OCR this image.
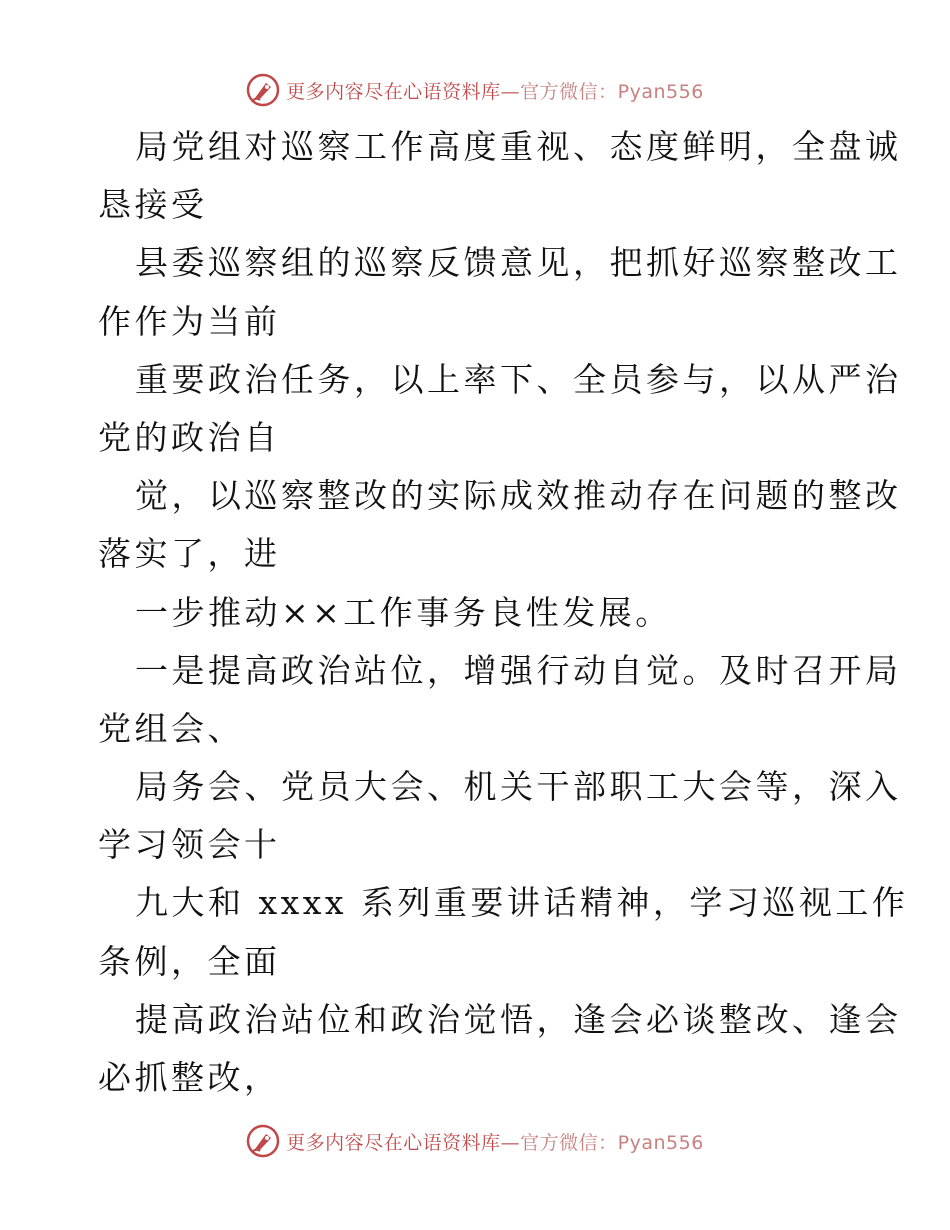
更多内容尽在心语资料库—官方微信：Pyan556
局党组对巡察工作高度重视、态度鲜明，全盘诚
恳接受
县委巡察组的巡察反馈意见，把抓好巡察整改工
作作为当前
重要政治任务，以上率下、全员参与，以从严治
党的政治自
觉，以巡察整改的实际成效推动存在问题的整改
落实了，进
一步推动××工作事务良性发展。
一是提高政治站位，增强行动自觉。及时召开局
党组会、
局务会、党员大会、机关干部职工大会等，深入
学习领会十
九大和 xxxx 系列重要讲话精神，学习巡视工作
条例，全面
提高政治站位和政治觉悟，逢会必谈整改、逢会
必抓整改，
更多内容尽在心语资料库—官方微信：Pyan556
